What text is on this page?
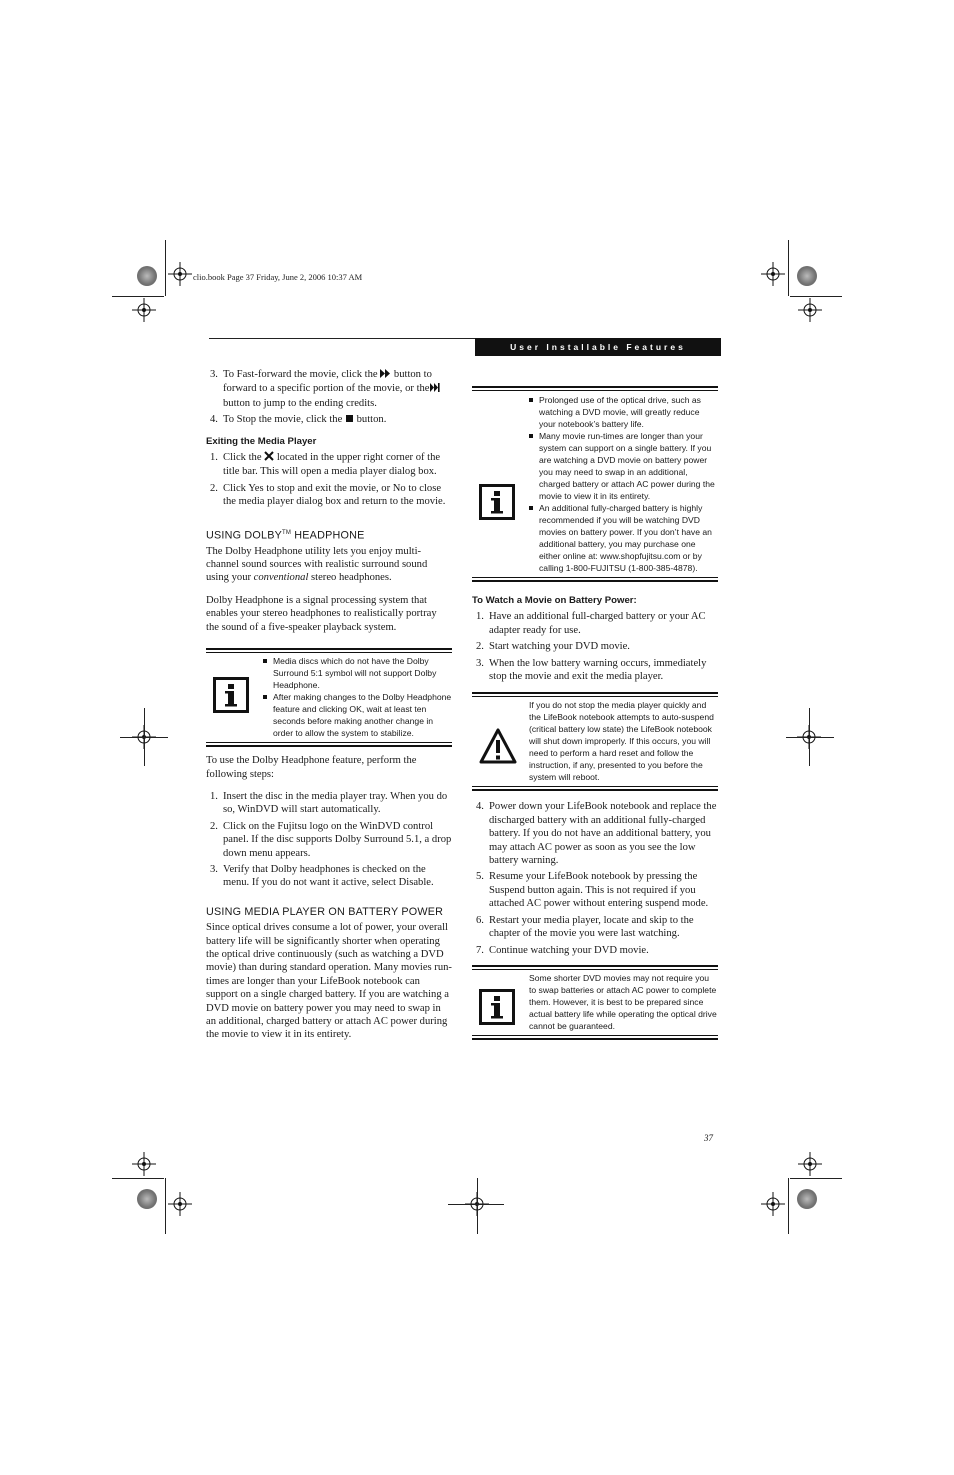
clio.book Page 37 Friday, June 2, 2006 10:37 AM
User Installable Features
3. To Fast-forward the movie, click the button to forward to a specific portion of the movie, or the button to jump to the ending credits.
4. To Stop the movie, click the button.
Exiting the Media Player
1. Click the located in the upper right corner of the title bar. This will open a media player dialog box.
2. Click Yes to stop and exit the movie, or No to close the media player dialog box and return to the movie.
USING DOLBY™ HEADPHONE
The Dolby Headphone utility lets you enjoy multi-channel sound sources with realistic surround sound using your conventional stereo headphones.
Dolby Headphone is a signal processing system that enables your stereo headphones to realistically portray the sound of a five-speaker playback system.
Media discs which do not have the Dolby Surround 5:1 symbol will not support Dolby Headphone.
After making changes to the Dolby Headphone feature and clicking OK, wait at least ten seconds before making another change in order to allow the system to stabilize.
To use the Dolby Headphone feature, perform the following steps:
1. Insert the disc in the media player tray. When you do so, WinDVD will start automatically.
2. Click on the Fujitsu logo on the WinDVD control panel. If the disc supports Dolby Surround 5.1, a drop down menu appears.
3. Verify that Dolby headphones is checked on the menu. If you do not want it active, select Disable.
USING MEDIA PLAYER ON BATTERY POWER
Since optical drives consume a lot of power, your overall battery life will be significantly shorter when operating the optical drive continuously (such as watching a DVD movie) than during standard operation. Many movies run-times are longer than your LifeBook notebook can support on a single charged battery. If you are watching a DVD movie on battery power you may need to swap in an additional, charged battery or attach AC power during the movie to view it in its entirety.
Prolonged use of the optical drive, such as watching a DVD movie, will greatly reduce your notebook’s battery life.
Many movie run-times are longer than your system can support on a single battery. If you are watching a DVD movie on battery power you may need to swap in an additional, charged battery or attach AC power during the movie to view it in its entirety.
An additional fully-charged battery is highly recommended if you will be watching DVD movies on battery power. If you don’t have an additional battery, you may purchase one either online at: www.shopfujitsu.com or by calling 1-800-FUJITSU (1-800-385-4878).
To Watch a Movie on Battery Power:
1. Have an additional full-charged battery or your AC adapter ready for use.
2. Start watching your DVD movie.
3. When the low battery warning occurs, immediately stop the movie and exit the media player.
If you do not stop the media player quickly and the LifeBook notebook attempts to auto-suspend (critical battery low state) the LifeBook notebook will shut down improperly. If this occurs, you will need to perform a hard reset and follow the instruction, if any, presented to you before the system will reboot.
4. Power down your LifeBook notebook and replace the discharged battery with an additional fully-charged battery. If you do not have an additional battery, you may attach AC power as soon as you see the low battery warning.
5. Resume your LifeBook notebook by pressing the Suspend button again. This is not required if you attached AC power without entering suspend mode.
6. Restart your media player, locate and skip to the chapter of the movie you were last watching.
7. Continue watching your DVD movie.
Some shorter DVD movies may not require you to swap batteries or attach AC power to complete them. However, it is best to be prepared since actual battery life while operating the optical drive cannot be guaranteed.
37
